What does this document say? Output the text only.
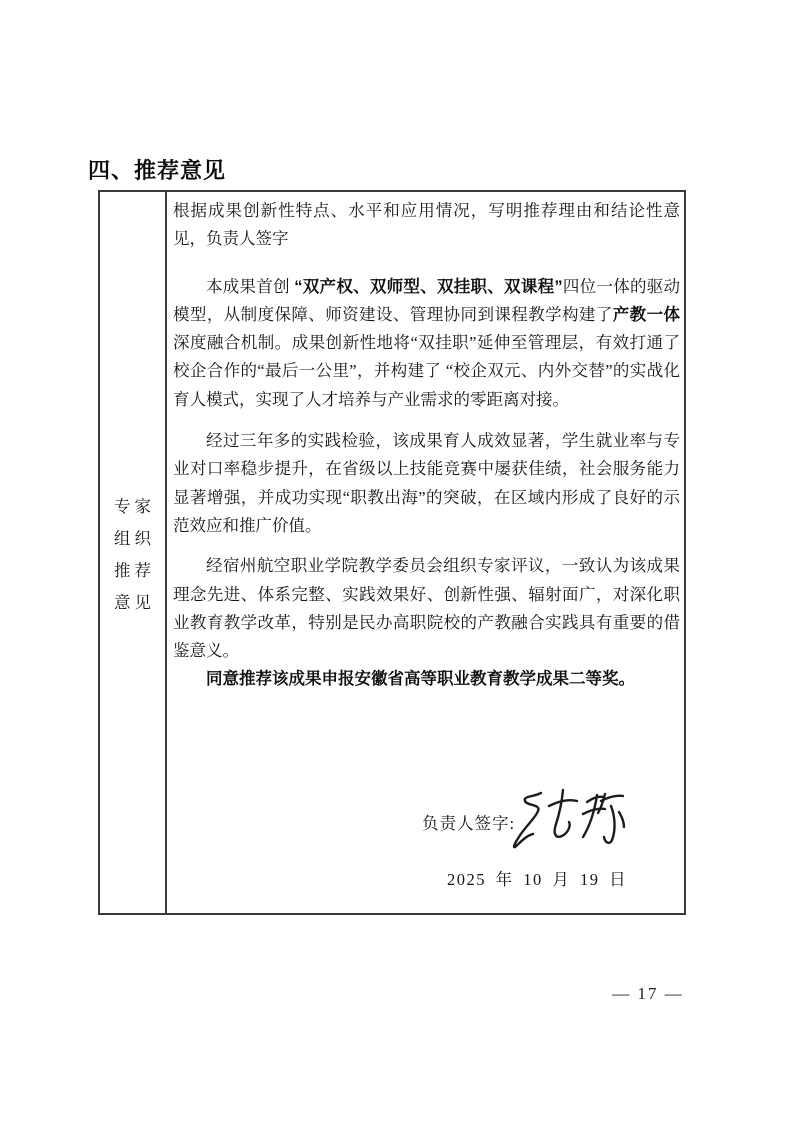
四、推荐意见
专家
组织
推荐
意见

根据成果创新性特点、水平和应用情况，写明推荐理由和结论性意见，负责人签字

本成果首创 “双产权、双师型、双挂职、双课程”四位一体的驱动模型，从制度保障、师资建设、管理协同到课程教学构建了产教一体深度融合机制。成果创新性地将“双挂职”延伸至管理层，有效打通了校企合作的“最后一公里”，并构建了 “校企双元、内外交替”的实战化育人模式，实现了人才培养与产业需求的零距离对接。

经过三年多的实践检验，该成果育人成效显著，学生就业率与专业对口率稳步提升，在省级以上技能竞赛中屡获佳绩，社会服务能力显著增强，并成功实现“职教出海”的突破，在区域内形成了良好的示范效应和推广价值。

经宿州航空职业学院教学委员会组织专家评议，一致认为该成果理念先进、体系完整、实践效果好、创新性强、辐射面广，对深化职业教育教学改革，特别是民办高职院校的产教融合实践具有重要的借鉴意义。

同意推荐该成果申报安徽省高等职业教育教学成果二等奖。

负责人签字:
2025 年 10 月 19 日
— 17 —
